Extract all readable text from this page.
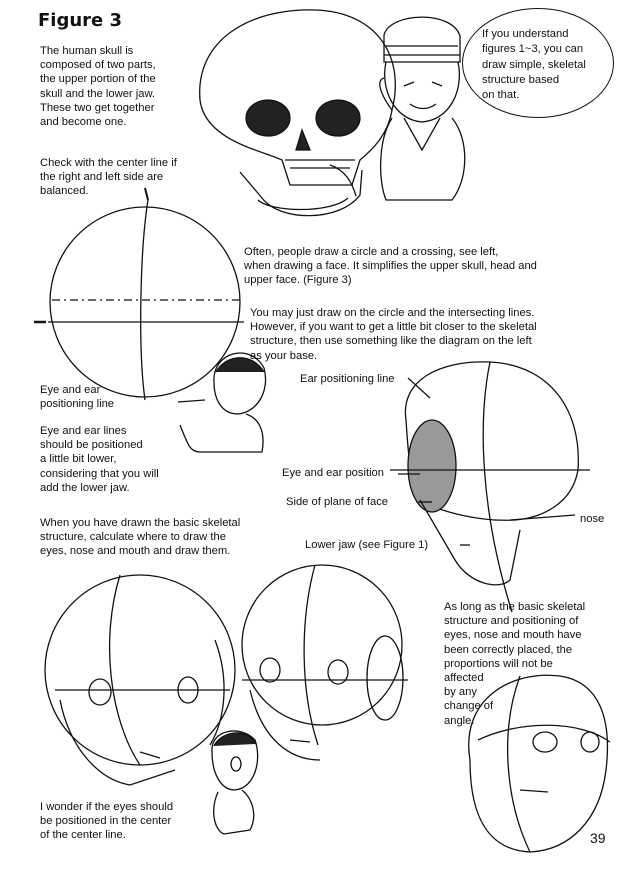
Figure 3

The human skull is
composed of two parts,
the upper portion of the
skull and the lower jaw.
These two get together
and become one.

Check with the center line if
the right and left side are
balanced.

If you understand
figures 1~3, you can
draw simple, skeletal
structure based
on that.

Often, people draw a circle and a crossing, see left,
when drawing a face. It simplifies the upper skull, head and
upper face. (Figure 3)

You may just draw on the circle and the intersecting lines.
However, if you want to get a little bit closer to the skeletal
structure, then use something like the diagram on the left
as your base.

Ear positioning line

Eye and ear
positioning line

Eye and ear lines
should be positioned
a little bit lower,
considering that you will
add the lower jaw.

Eye and ear position

Side of plane of face

nose

Lower jaw (see Figure 1)

When you have drawn the basic skeletal
structure, calculate where to draw the
eyes, nose and mouth and draw them.

As long as the basic skeletal
structure and positioning of
eyes, nose and mouth have
been correctly placed, the
proportions will not be
affected
by any
change of
angle.

I wonder if the eyes should
be positioned in the center
of the center line.	39
